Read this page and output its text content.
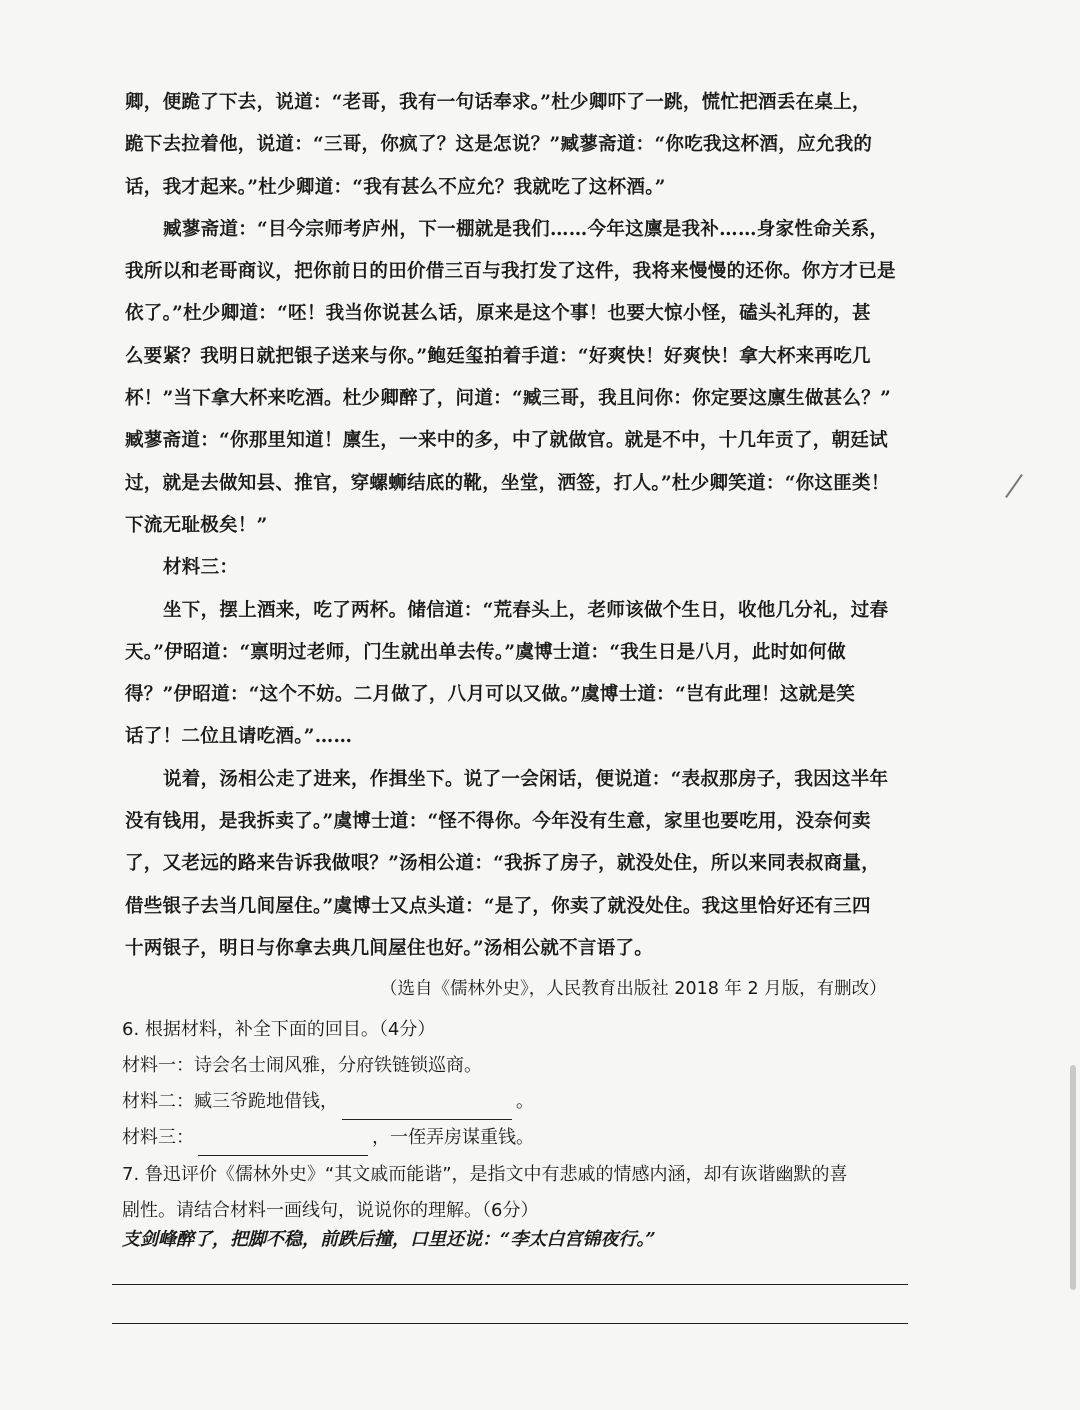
卿，便跪了下去，说道：“老哥，我有一句话奉求。”杜少卿吓了一跳，慌忙把酒丢在桌上，
跪下去拉着他，说道：“三哥，你疯了？这是怎说？”臧蓼斋道：“你吃我这杯酒，应允我的
话，我才起来。”杜少卿道：“我有甚么不应允？我就吃了这杯酒。”
臧蓼斋道：“目今宗师考庐州，下一棚就是我们……今年这廪是我补……身家性命关系，
我所以和老哥商议，把你前日的田价借三百与我打发了这件，我将来慢慢的还你。你方才已是
依了。”杜少卿道：“呸！我当你说甚么话，原来是这个事！也要大惊小怪，磕头礼拜的，甚
么要紧？我明日就把银子送来与你。”鲍廷玺拍着手道：“好爽快！好爽快！拿大杯来再吃几
杯！”当下拿大杯来吃酒。杜少卿醉了，问道：“臧三哥，我且问你：你定要这廪生做甚么？”
臧蓼斋道：“你那里知道！廪生，一来中的多，中了就做官。就是不中，十几年贡了，朝廷试
过，就是去做知县、推官，穿螺蛳结底的靴，坐堂，洒签，打人。”杜少卿笑道：“你这匪类！
下流无耻极矣！”
材料三：
坐下，摆上酒来，吃了两杯。储信道：“荒春头上，老师该做个生日，收他几分礼，过春
天。”伊昭道：“禀明过老师，门生就出单去传。”虞博士道：“我生日是八月，此时如何做
得？”伊昭道：“这个不妨。二月做了，八月可以又做。”虞博士道：“岂有此理！这就是笑
话了！二位且请吃酒。”……
说着，汤相公走了进来，作揖坐下。说了一会闲话，便说道：“表叔那房子，我因这半年
没有钱用，是我拆卖了。”虞博士道：“怪不得你。今年没有生意，家里也要吃用，没奈何卖
了，又老远的路来告诉我做哏？”汤相公道：“我拆了房子，就没处住，所以来同表叔商量，
借些银子去当几间屋住。”虞博士又点头道：“是了，你卖了就没处住。我这里恰好还有三四
十两银子，明日与你拿去典几间屋住也好。”汤相公就不言语了。
（选自《儒林外史》，人民教育出版社 2018 年 2 月版，有删改）
6. 根据材料，补全下面的回目。（4分）
材料一：诗会名士闹风雅，分府铁链锁巡商。
材料二：臧三爷跪地借钱，	。
材料三：	，一侄弄房谋重钱。
7. 鲁迅评价《儒林外史》“其文戚而能谐”，是指文中有悲戚的情感内涵，却有诙谐幽默的喜
剧性。请结合材料一画线句，说说你的理解。（6分）
支剑峰醉了，把脚不稳，前跌后撞，口里还说：“李太白宫锦夜行。”
